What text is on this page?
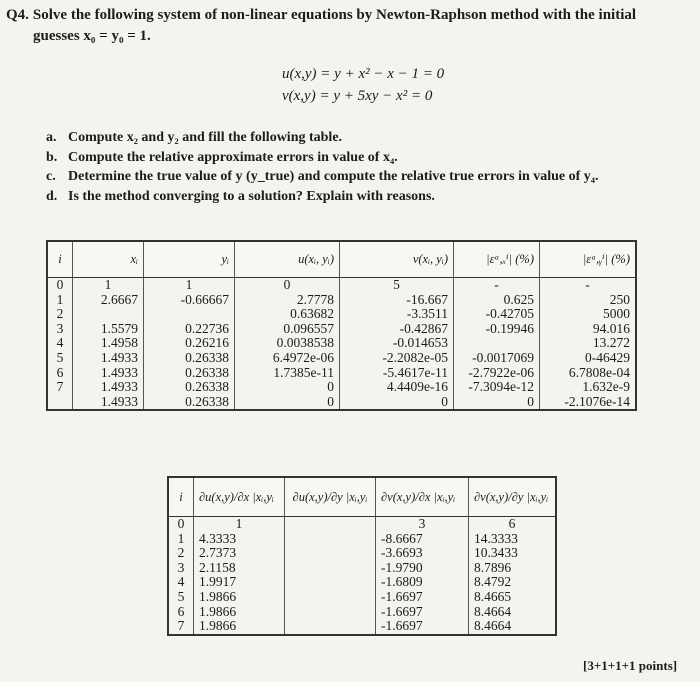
Q4. Solve the following system of non-linear equations by Newton-Raphson method with the initial
guesses x₀ = y₀ = 1.
u(x,y) = y + x² − x − 1 = 0
v(x,y) = y + 5xy − x² = 0
a. Compute x₂ and y₂ and fill the following table.
b. Compute the relative approximate errors in value of x₄.
c. Determine the true value of y (y_true) and compute the relative true errors in value of y₄.
d. Is the method converging to a solution? Explain with reasons.
i	xᵢ	yᵢ	u(xᵢ, yᵢ)	v(xᵢ, yᵢ)	|εᵃ,ₓⁱ| (%)	|εᵃ,ᵧⁱ| (%)
0	1	1	0	5	-	-
1	2.6667	-0.66667	2.7778	-16.667	0.625	250
2			0.63682	-3.3511	-0.42705	5000
3	1.5579	0.22736	0.096557	-0.42867	-0.19946	94.016
4	1.4958	0.26216	0.0038538	-0.014653		13.272
5	1.4933	0.26338	6.4972e-06	-2.2082e-05	-0.0017069	0-46429
6	1.4933	0.26338	1.7385e-11	-5.4617e-11	-2.7922e-06	6.7808e-04
7	1.4933	0.26338	0	4.4409e-16	-7.3094e-12	1.632e-9
	1.4933	0.26338	0	0	0	-2.1076e-14
i	∂u(x,y)/∂x |xᵢ,yᵢ	∂u(x,y)/∂y |xᵢ,yᵢ	∂v(x,y)/∂x |xᵢ,yᵢ	∂v(x,y)/∂y |xᵢ,yᵢ
0	1		3	6
1	4.3333		-8.6667	14.3333
2	2.7373		-3.6693	10.3433
3	2.1158		-1.9790	8.7896
4	1.9917		-1.6809	8.4792
5	1.9866		-1.6697	8.4665
6	1.9866		-1.6697	8.4664
7	1.9866		-1.6697	8.4664
[3+1+1+1 points]
